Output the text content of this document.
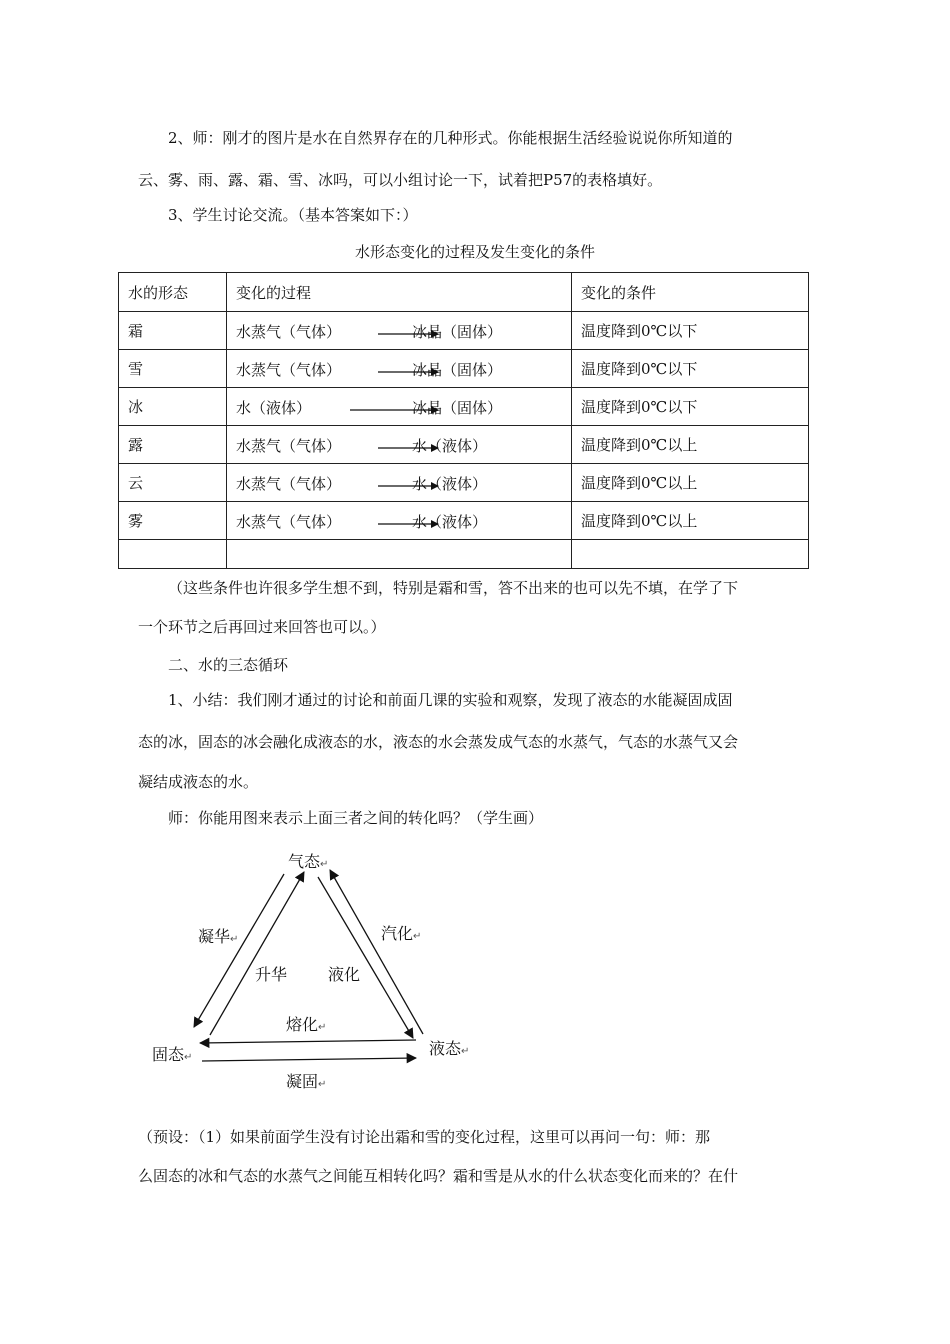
2、师：刚才的图片是水在自然界存在的几种形式。你能根据生活经验说说你所知道的
云、雾、雨、露、霜、雪、冰吗，可以小组讨论一下，试着把P57的表格填好。
3、学生讨论交流。（基本答案如下：）
水形态变化的过程及发生变化的条件
水的形态	变化的过程	变化的条件
霜	水蒸气（气体） 冰晶（固体）	温度降到0℃以下
雪	水蒸气（气体） 冰晶（固体）	温度降到0℃以下
冰	水（液体） 冰晶（固体）	温度降到0℃以下
露	水蒸气（气体） 水（液体）	温度降到0℃以上
云	水蒸气（气体） 水（液体）	温度降到0℃以上
雾	水蒸气（气体） 水（液体）	温度降到0℃以上

（这些条件也许很多学生想不到，特别是霜和雪，答不出来的也可以先不填，在学了下
一个环节之后再回过来回答也可以。）
二、水的三态循环
1、小结：我们刚才通过的讨论和前面几课的实验和观察，发现了液态的水能凝固成固
态的冰，固态的冰会融化成液态的水，液态的水会蒸发成气态的水蒸气，气态的水蒸气又会
凝结成液态的水。
师：你能用图来表示上面三者之间的转化吗？（学生画）
气态↵
固态↵	液态↵
凝华↵	汽化↵
升华	液化
熔化↵
凝固↵
（预设：（1）如果前面学生没有讨论出霜和雪的变化过程，这里可以再问一句：师：那
么固态的冰和气态的水蒸气之间能互相转化吗？霜和雪是从水的什么状态变化而来的？在什
